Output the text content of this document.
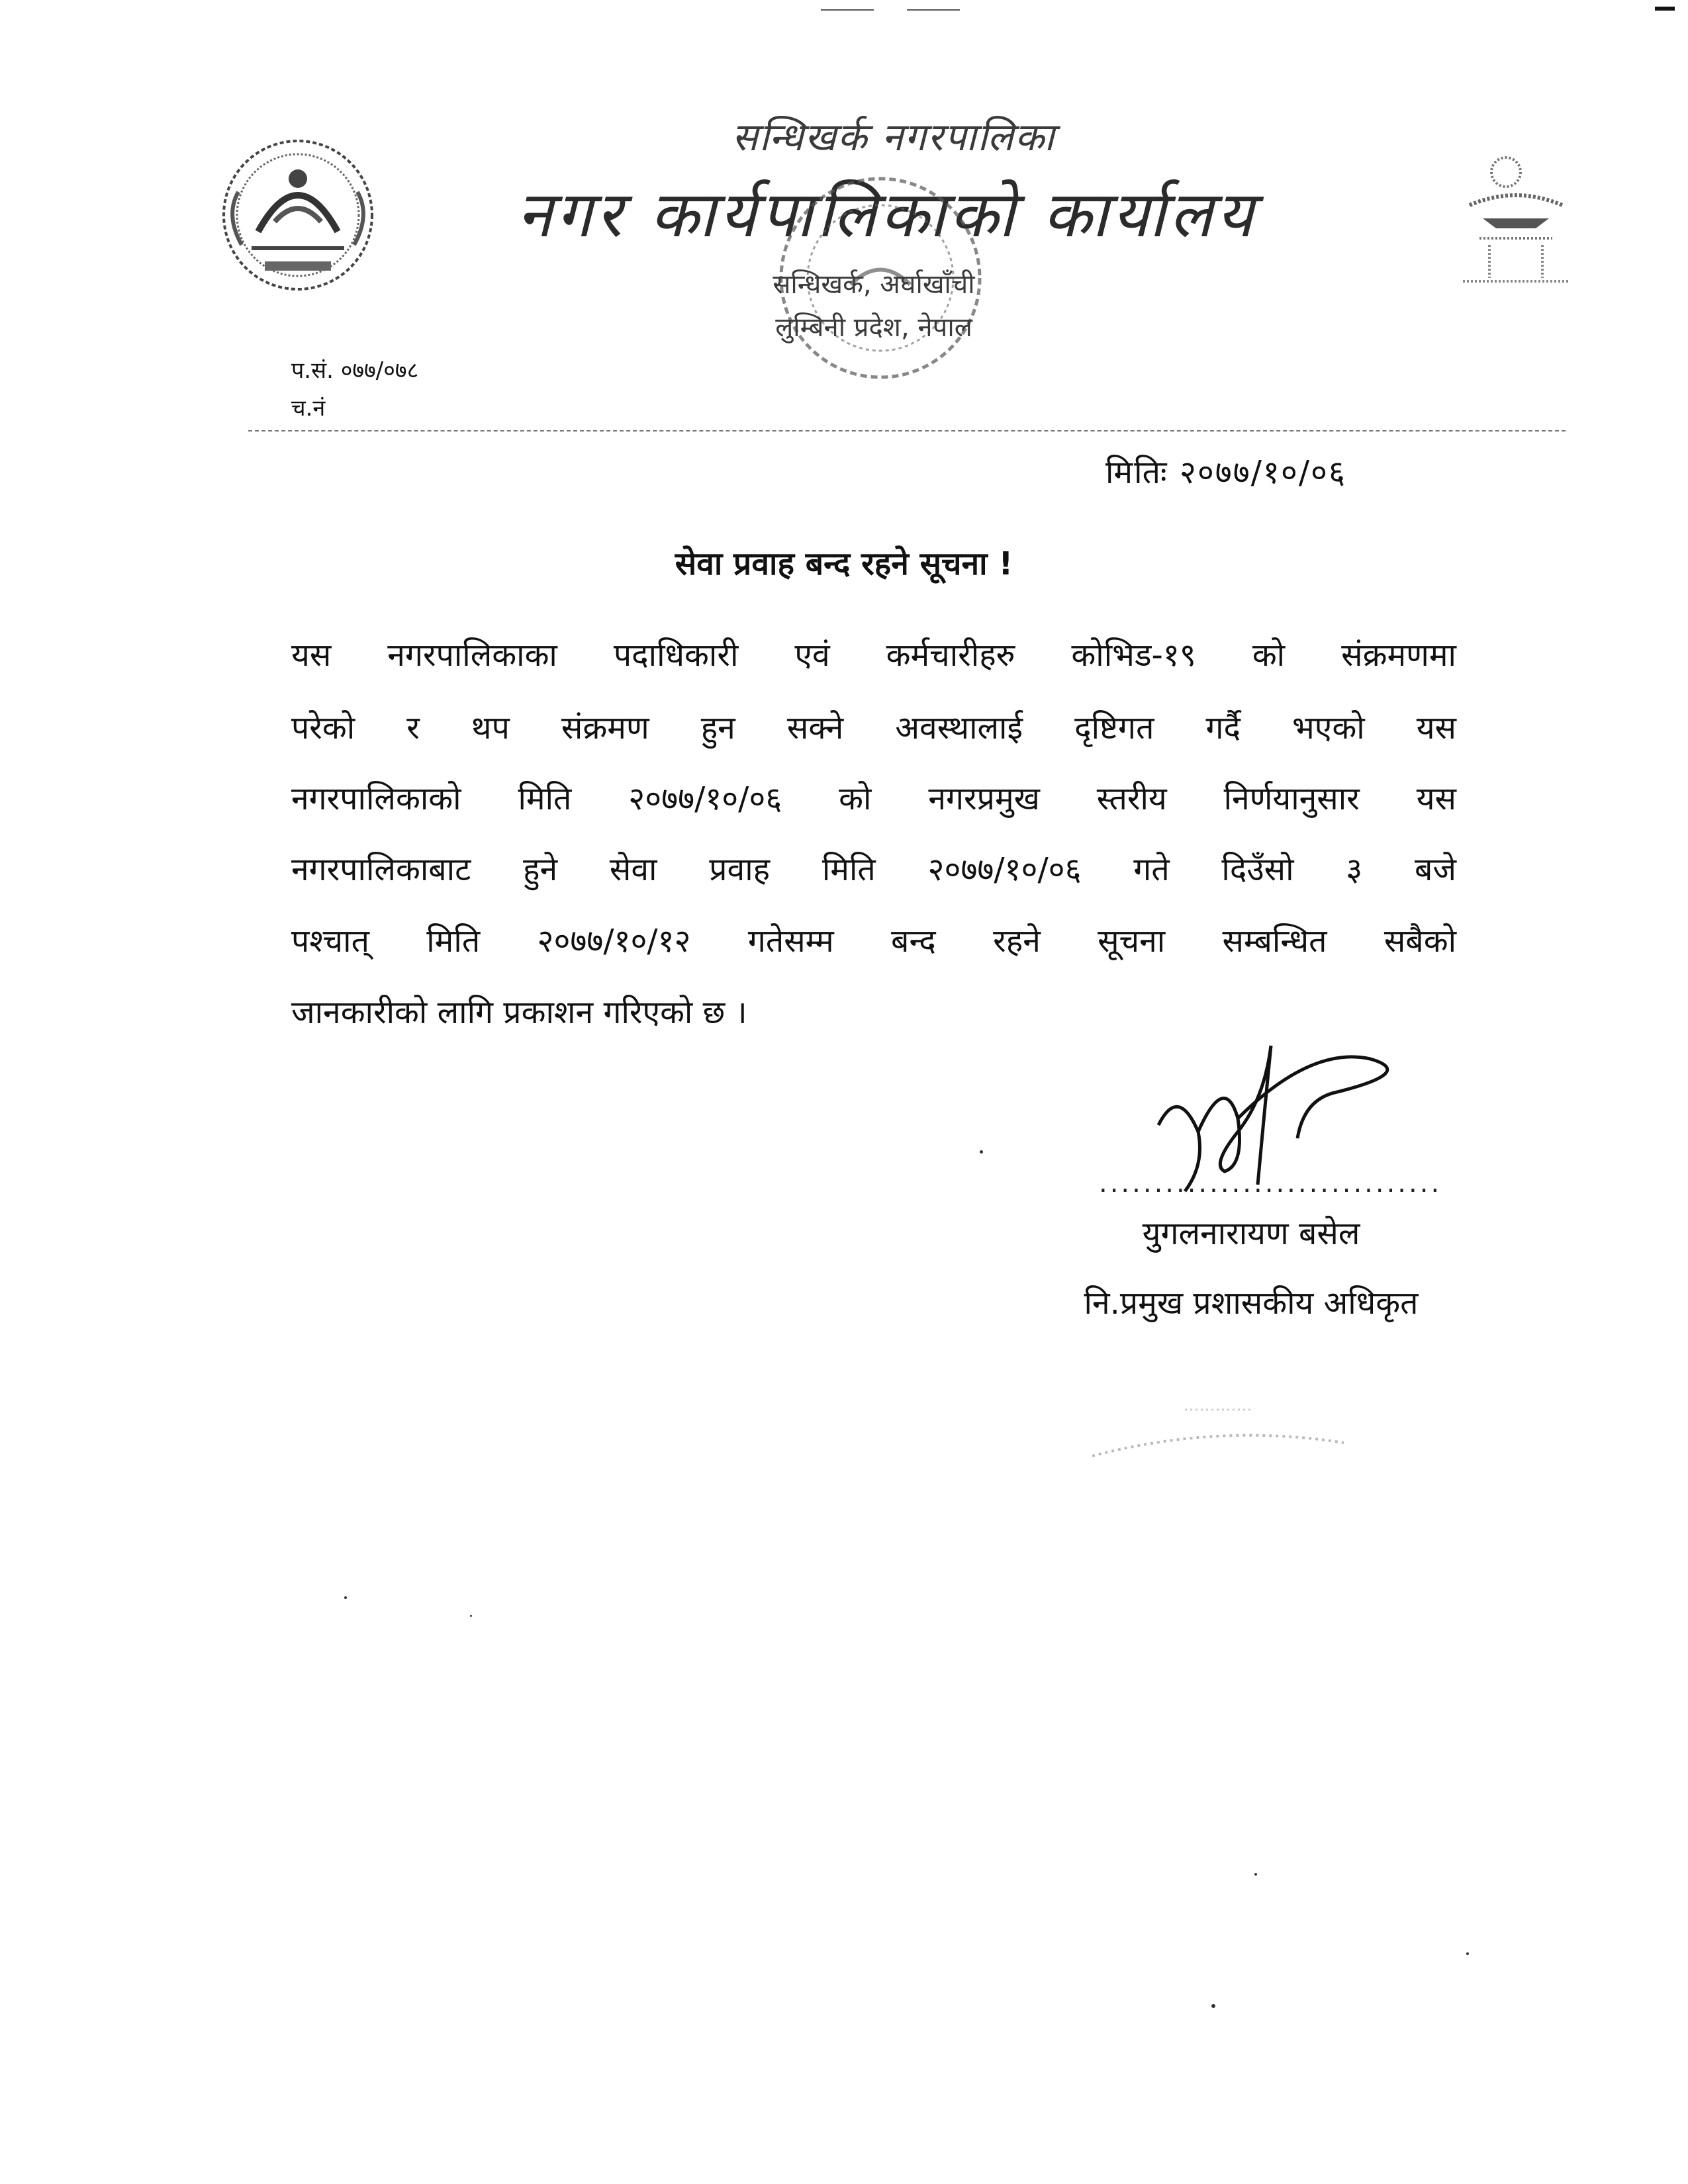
सन्धिखर्क नगरपालिका
नगर कार्यपालिकाको कार्यालय
सन्धिखर्क, अर्घाखाँची
लुम्बिनी प्रदेश, नेपाल
प.सं. ०७७/०७८
च.नं
मितिः २०७७/१०/०६
सेवा प्रवाह बन्द रहने सूचना !
यस नगरपालिकाका पदाधिकारी एवं कर्मचारीहरु कोभिड-१९ को संक्रमणमा
परेको र थप संक्रमण हुन सक्ने अवस्थालाई दृष्टिगत गर्दै भएको यस
नगरपालिकाको मिति २०७७/१०/०६ को नगरप्रमुख स्तरीय निर्णयानुसार यस
नगरपालिकाबाट हुने सेवा प्रवाह मिति २०७७/१०/०६ गते दिउँसो ३ बजे
पश्चात् मिति २०७७/१०/१२ गतेसम्म बन्द रहने सूचना सम्बन्धित सबैको
जानकारीको लागि प्रकाशन गरिएको छ ।
...............................
युगलनारायण बसेल
नि.प्रमुख प्रशासकीय अधिकृत
